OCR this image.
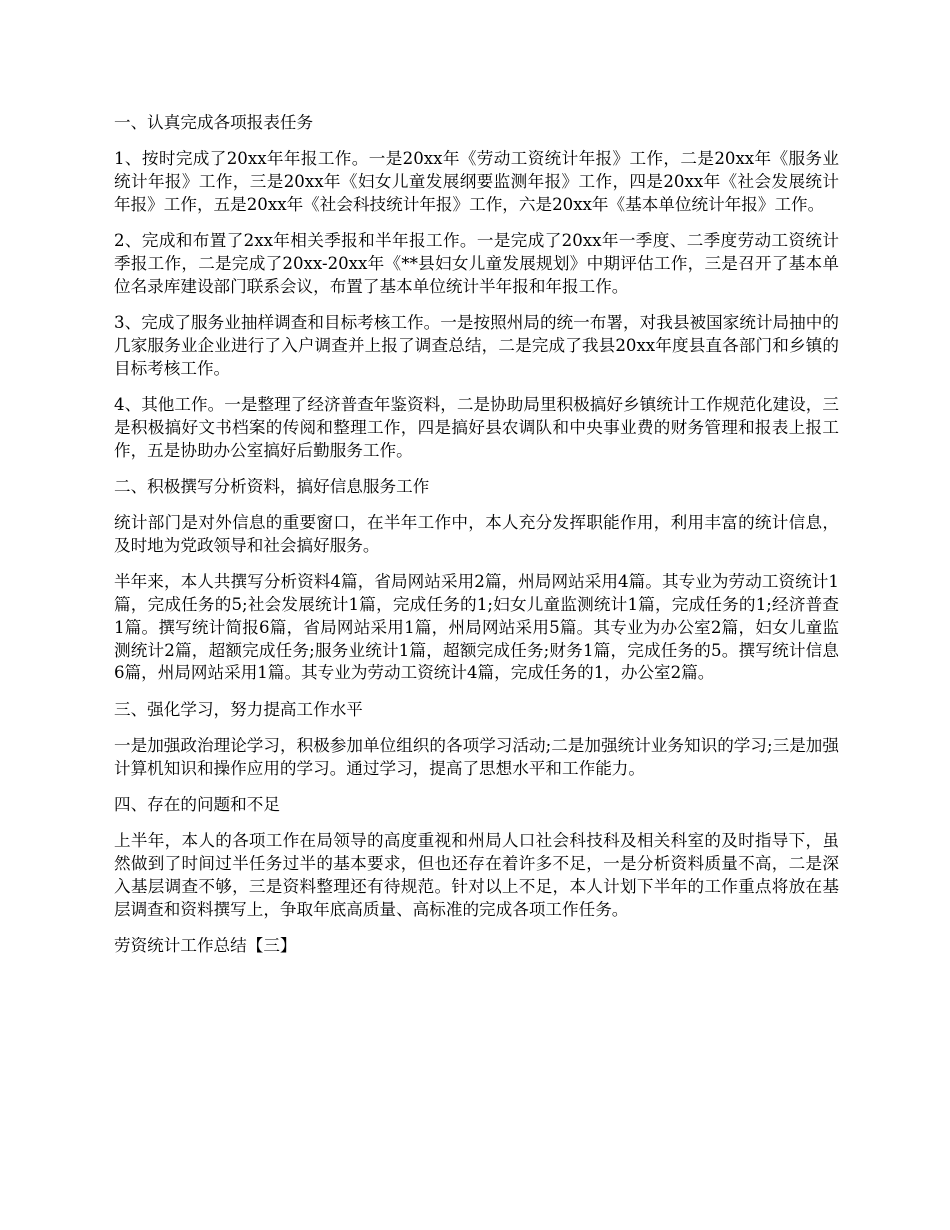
一、认真完成各项报表任务

1、按时完成了20xx年年报工作。一是20xx年《劳动工资统计年报》工作，二是20xx年《服务业统计年报》工作，三是20xx年《妇女儿童发展纲要监测年报》工作，四是20xx年《社会发展统计年报》工作，五是20xx年《社会科技统计年报》工作，六是20xx年《基本单位统计年报》工作。

2、完成和布置了2xx年相关季报和半年报工作。一是完成了20xx年一季度、二季度劳动工资统计季报工作，二是完成了20xx-20xx年《**县妇女儿童发展规划》中期评估工作，三是召开了基本单位名录库建设部门联系会议，布置了基本单位统计半年报和年报工作。

3、完成了服务业抽样调查和目标考核工作。一是按照州局的统一布署，对我县被国家统计局抽中的几家服务业企业进行了入户调查并上报了调查总结，二是完成了我县20xx年度县直各部门和乡镇的目标考核工作。

4、其他工作。一是整理了经济普查年鉴资料，二是协助局里积极搞好乡镇统计工作规范化建设，三是积极搞好文书档案的传阅和整理工作，四是搞好县农调队和中央事业费的财务管理和报表上报工作，五是协助办公室搞好后勤服务工作。

二、积极撰写分析资料，搞好信息服务工作

统计部门是对外信息的重要窗口，在半年工作中，本人充分发挥职能作用，利用丰富的统计信息，及时地为党政领导和社会搞好服务。

半年来，本人共撰写分析资料4篇，省局网站采用2篇，州局网站采用4篇。其专业为劳动工资统计1篇，完成任务的5;社会发展统计1篇，完成任务的1;妇女儿童监测统计1篇，完成任务的1;经济普查1篇。撰写统计简报6篇，省局网站采用1篇，州局网站采用5篇。其专业为办公室2篇，妇女儿童监测统计2篇，超额完成任务;服务业统计1篇，超额完成任务;财务1篇，完成任务的5。撰写统计信息6篇，州局网站采用1篇。其专业为劳动工资统计4篇，完成任务的1，办公室2篇。

三、强化学习，努力提高工作水平

一是加强政治理论学习，积极参加单位组织的各项学习活动;二是加强统计业务知识的学习;三是加强计算机知识和操作应用的学习。通过学习，提高了思想水平和工作能力。

四、存在的问题和不足

上半年，本人的各项工作在局领导的高度重视和州局人口社会科技科及相关科室的及时指导下，虽然做到了时间过半任务过半的基本要求，但也还存在着许多不足，一是分析资料质量不高，二是深入基层调查不够，三是资料整理还有待规范。针对以上不足，本人计划下半年的工作重点将放在基层调查和资料撰写上，争取年底高质量、高标准的完成各项工作任务。

劳资统计工作总结【三】
